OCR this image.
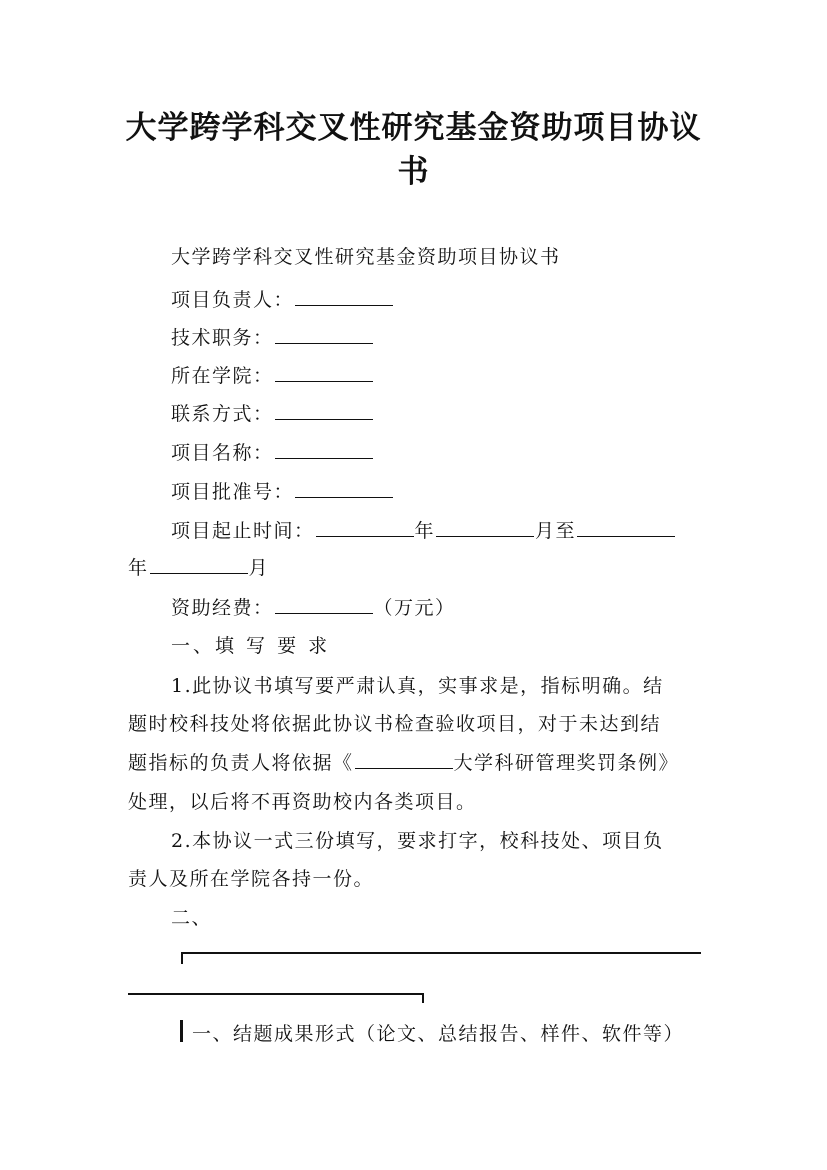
大学跨学科交叉性研究基金资助项目协议
书
大学跨学科交叉性研究基金资助项目协议书
项目负责人：
技术职务：
所在学院：
联系方式：
项目名称：
项目批准号：
项目起止时间：	年	月至
年	月
资助经费：	（万元）
一、填 写 要 求
1.此协议书填写要严肃认真，实事求是，指标明确。结
题时校科技处将依据此协议书检查验收项目，对于未达到结
题指标的负责人将依据《	大学科研管理奖罚条例》
处理，以后将不再资助校内各类项目。
2.本协议一式三份填写，要求打字，校科技处、项目负
责人及所在学院各持一份。
二、
一、结题成果形式（论文、总结报告、样件、软件等）
